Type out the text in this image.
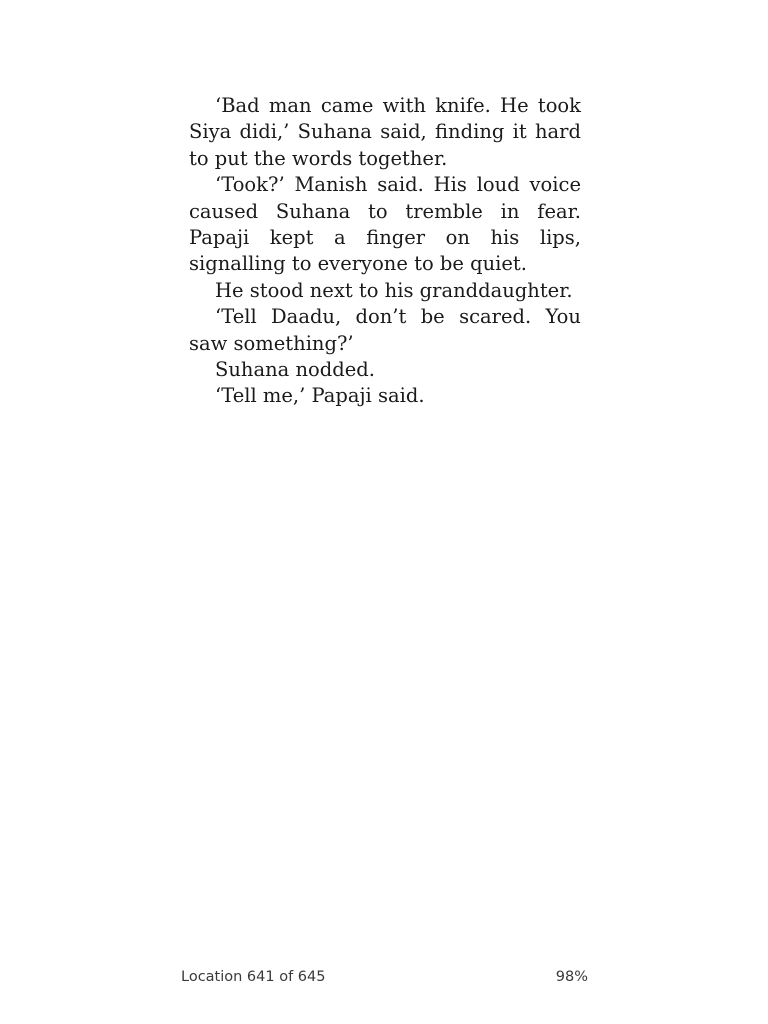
‘Bad man came with knife. He took Siya didi,’ Suhana said, finding it hard to put the words together.

‘Took?’ Manish said. His loud voice caused Suhana to tremble in fear. Papaji kept a finger on his lips, signalling to everyone to be quiet.

He stood next to his granddaughter.

‘Tell Daadu, don’t be scared. You saw something?’

Suhana nodded.

‘Tell me,’ Papaji said.

Location 641 of 645	98%
